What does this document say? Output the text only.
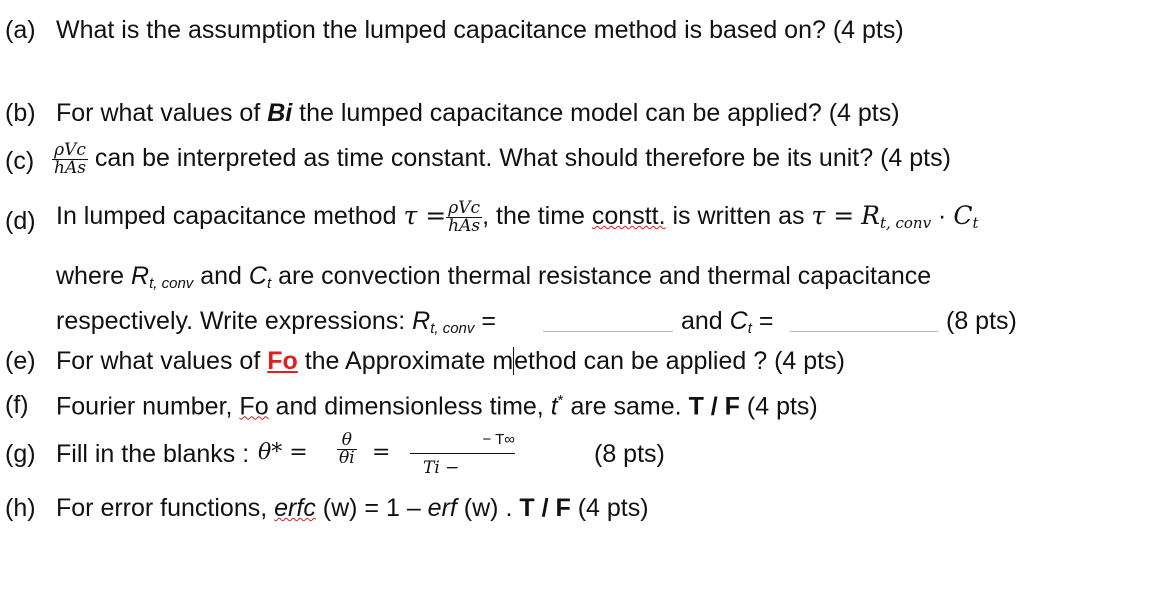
(a) What is the assumption the lumped capacitance method is based on? (4 pts)
(b) For what values of Bi the lumped capacitance model can be applied? (4 pts)
$(c) \frac{\text{ρVc}}{\text{hAs}}$ can be interpreted as time constant. What should therefore be its unit? (4 pts)
(d) In lumped capacitance method $\tau = \frac{\text{ρVc}}{\text{hAs}}$ , the time constt. is written as $\tau = R_{t, conv} \cdot C_t$
where $R_{t, conv}$ and $C_t$ are convection thermal resistance and thermal capacitance
respectively. Write expressions: $R_{t, conv}$ =	and $C_t$ =	(8 pts)
(e) For what values of Fo the Approximate method can be applied ? (4 pts)
(f) Fourier number, Fo and dimensionless time, t* are same. T / F (4 pts)
(g) Fill in the blanks : $\theta* = \frac{\theta}{\theta i}$ =
− T∞
Ti −	(8 pts)
(h) For error functions, erfc (w) = 1 – erf (w) . T / F (4 pts)
